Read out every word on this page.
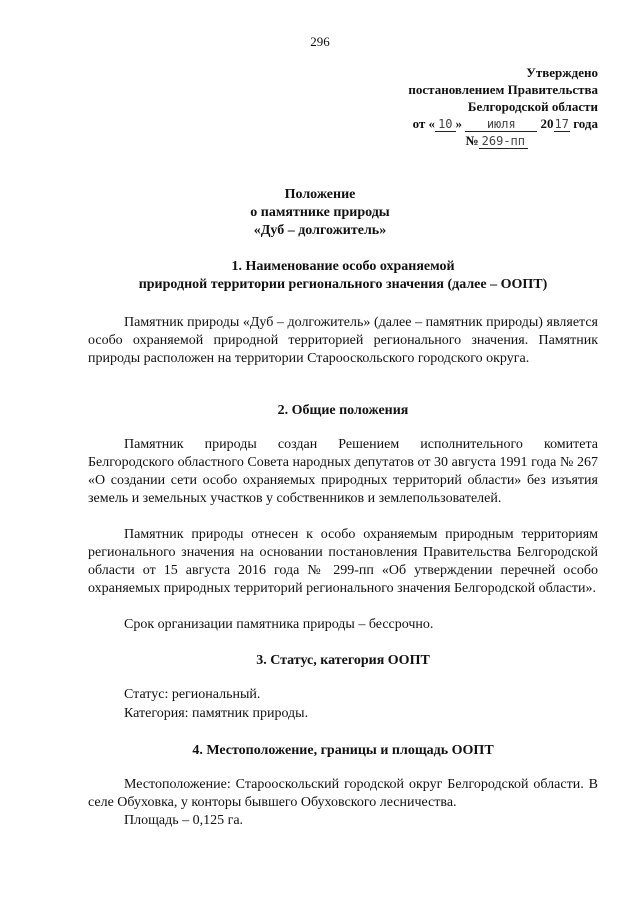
296
Утверждено
постановлением Правительства
Белгородской области
от « 10 » июля 2017 года
№ 269-пп
Положение
о памятнике природы
«Дуб – долгожитель»
1. Наименование особо охраняемой
природной территории регионального значения (далее – ООПТ)

Памятник природы «Дуб – долгожитель» (далее – памятник природы) является особо охраняемой природной территорией регионального значения. Памятник природы расположен на территории Старооскольского городского округа.

2. Общие положения

Памятник природы создан Решением исполнительного комитета Белгородского областного Совета народных депутатов от 30 августа 1991 года № 267 «О создании сети особо охраняемых природных территорий области» без изъятия земель и земельных участков у собственников и землепользователей.

Памятник природы отнесен к особо охраняемым природным территориям регионального значения на основании постановления Правительства Белгородской области от 15 августа 2016 года № 299-пп «Об утверждении перечней особо охраняемых природных территорий регионального значения Белгородской области».

Срок организации памятника природы – бессрочно.

3. Статус, категория ООПТ

Статус: региональный.

Категория: памятник природы.

4. Местоположение, границы и площадь ООПТ

Местоположение: Старооскольский городской округ Белгородской области. В селе Обуховка, у конторы бывшего Обуховского лесничества.

Площадь – 0,125 га.
